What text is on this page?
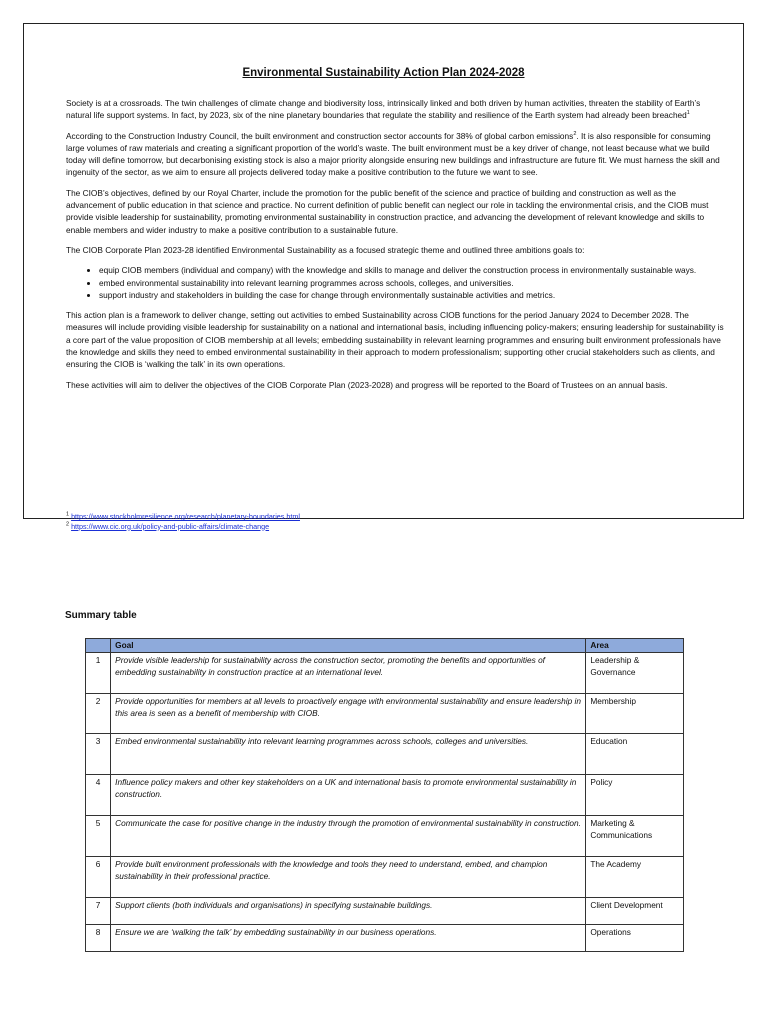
Environmental Sustainability Action Plan 2024-2028

Society is at a crossroads. The twin challenges of climate change and biodiversity loss, intrinsically linked and both driven by human activities, threaten the stability of Earth’s natural life support systems. In fact, by 2023, six of the nine planetary boundaries that regulate the stability and resilience of the Earth system had already been breached$^1$

According to the Construction Industry Council, the built environment and construction sector accounts for 38% of global carbon emissions$^2$. It is also responsible for consuming large volumes of raw materials and creating a significant proportion of the world’s waste. The built environment must be a key driver of change, not least because what we build today will define tomorrow, but decarbonising existing stock is also a major priority alongside ensuring new buildings and infrastructure are future fit. We must harness the skill and ingenuity of the sector, as we aim to ensure all projects delivered today make a positive contribution to the future we want to see.

The CIOB’s objectives, defined by our Royal Charter, include the promotion for the public benefit of the science and practice of building and construction as well as the advancement of public education in that science and practice. No current definition of public benefit can neglect our role in tackling the environmental crisis, and the CIOB must provide visible leadership for sustainability, promoting environmental sustainability in construction practice, and advancing the development of relevant knowledge and skills to enable members and wider industry to make a positive contribution to a sustainable future.

The CIOB Corporate Plan 2023-28 identified Environmental Sustainability as a focused strategic theme and outlined three ambitions goals to:

• equip CIOB members (individual and company) with the knowledge and skills to manage and deliver the construction process in environmentally sustainable ways.
• embed environmental sustainability into relevant learning programmes across schools, colleges, and universities.
• support industry and stakeholders in building the case for change through environmentally sustainable activities and metrics.

This action plan is a framework to deliver change, setting out activities to embed Sustainability across CIOB functions for the period January 2024 to December 2028. The measures will include providing visible leadership for sustainability on a national and international basis, including influencing policy-makers; ensuring leadership for sustainability is a core part of the value proposition of CIOB membership at all levels; embedding sustainability in relevant learning programmes and ensuring built environment professionals have the knowledge and skills they need to embed environmental sustainability in their approach to modern professionalism; supporting other crucial stakeholders such as clients, and ensuring the CIOB is ‘walking the talk’ in its own operations.

These activities will aim to deliver the objectives of the CIOB Corporate Plan (2023-2028) and progress will be reported to the Board of Trustees on an annual basis.

$^1$ https://www.stockholmresilience.org/research/planetary-boundaries.html
$^2$ https://www.cic.org.uk/policy-and-public-affairs/climate-change
Summary table
	Goal	Area
1	Provide visible leadership for sustainability across the construction sector, promoting the benefits and opportunities of embedding sustainability in construction practice at an international level.	Leadership & Governance
2	Provide opportunities for members at all levels to proactively engage with environmental sustainability and ensure leadership in this area is seen as a benefit of membership with CIOB.	Membership
3	Embed environmental sustainability into relevant learning programmes across schools, colleges and universities.	Education
4	Influence policy makers and other key stakeholders on a UK and international basis to promote environmental sustainability in construction.	Policy
5	Communicate the case for positive change in the industry through the promotion of environmental sustainability in construction.	Marketing & Communications
6	Provide built environment professionals with the knowledge and tools they need to understand, embed, and champion sustainability in their professional practice.	The Academy
7	Support clients (both individuals and organisations) in specifying sustainable buildings.	Client Development
8	Ensure we are ‘walking the talk’ by embedding sustainability in our business operations.	Operations
